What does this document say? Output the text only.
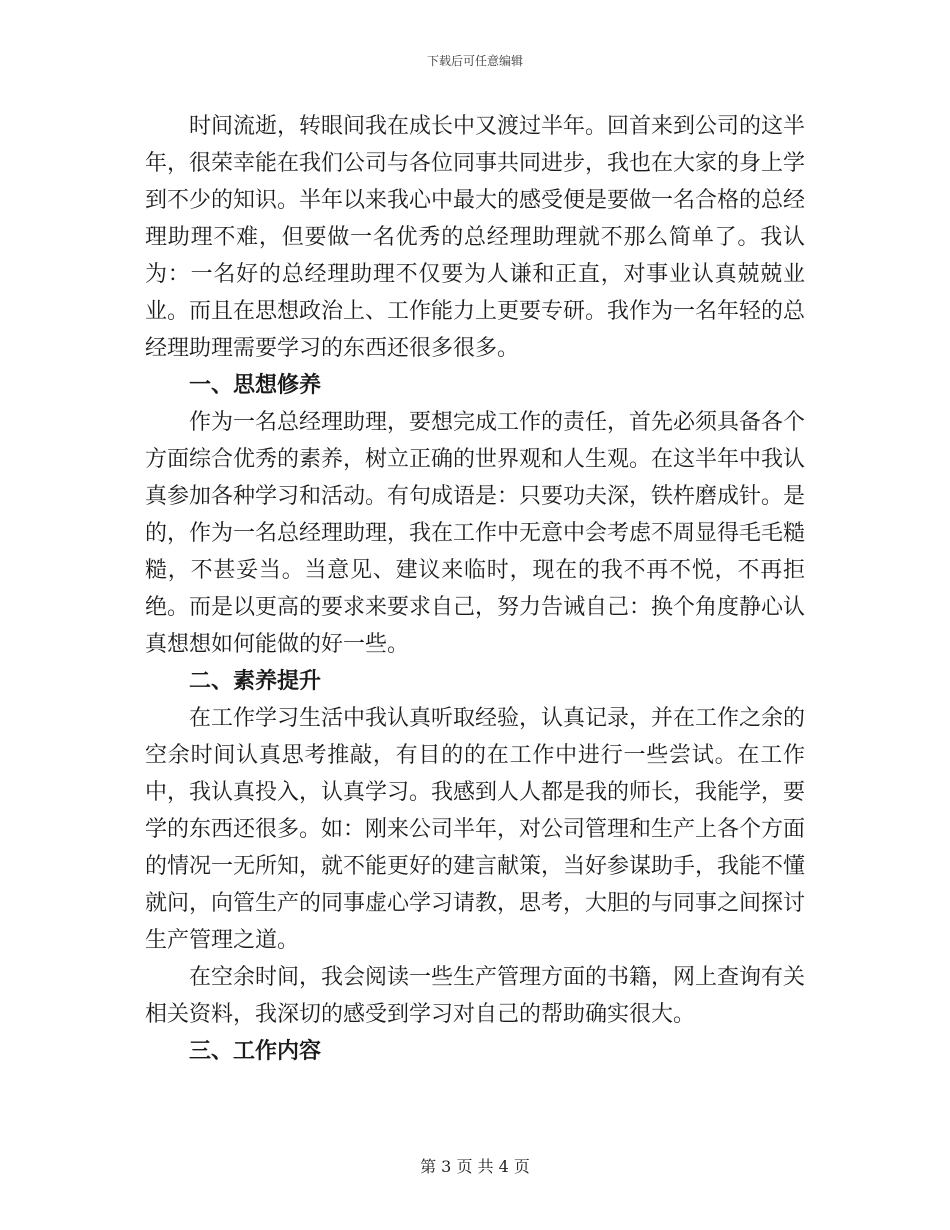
下载后可任意编辑

时间流逝，转眼间我在成长中又渡过半年。回首来到公司的这半年，很荣幸能在我们公司与各位同事共同进步，我也在大家的身上学到不少的知识。半年以来我心中最大的感受便是要做一名合格的总经理助理不难，但要做一名优秀的总经理助理就不那么简单了。我认为：一名好的总经理助理不仅要为人谦和正直，对事业认真兢兢业业。而且在思想政治上、工作能力上更要专研。我作为一名年轻的总经理助理需要学习的东西还很多很多。

一、思想修养

作为一名总经理助理，要想完成工作的责任，首先必须具备各个方面综合优秀的素养，树立正确的世界观和人生观。在这半年中我认真参加各种学习和活动。有句成语是：只要功夫深，铁杵磨成针。是的，作为一名总经理助理，我在工作中无意中会考虑不周显得毛毛糙糙，不甚妥当。当意见、建议来临时，现在的我不再不悦，不再拒绝。而是以更高的要求来要求自己，努力告诫自己：换个角度静心认真想想如何能做的好一些。

二、素养提升

在工作学习生活中我认真听取经验，认真记录，并在工作之余的空余时间认真思考推敲，有目的的在工作中进行一些尝试。在工作中，我认真投入，认真学习。我感到人人都是我的师长，我能学，要学的东西还很多。如：刚来公司半年，对公司管理和生产上各个方面的情况一无所知，就不能更好的建言献策，当好参谋助手，我能不懂就问，向管生产的同事虚心学习请教，思考，大胆的与同事之间探讨生产管理之道。

在空余时间，我会阅读一些生产管理方面的书籍，网上查询有关相关资料，我深切的感受到学习对自己的帮助确实很大。

三、工作内容

第 3 页 共 4 页
